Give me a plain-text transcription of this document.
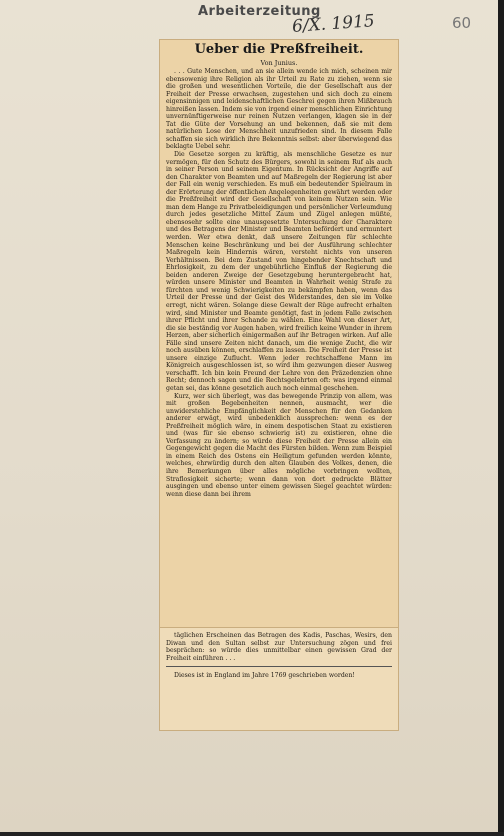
Arbeiterzeitung
6/X. 1915	60
Ueber die Preßfreiheit.
Von Junius.

. . . Gute Menschen, und an sie allein wende ich mich, scheinen mir ebensowenig ihre Religion als ihr Urteil zu Rate zu ziehen, wenn sie die großen und wesentlichen Vorteile, die der Gesellschaft aus der Freiheit der Presse erwachsen, zugestehen und sich doch zu einem eigensinnigen und leidenschaftlichen Geschrei gegen ihren Mißbrauch hinreißen lassen. Indem sie von irgend einer menschlichen Einrichtung unvernünftigerweise nur reinen Nutzen verlangen, klagen sie in der Tat die Güte der Vorsehung an und bekennen, daß sie mit dem natürlichen Lose der Menschheit unzufrieden sind. In diesem Falle schaffen sie sich wirklich ihre Bekenntnis selbst: aber überwiegend das beklagte Uebel sehr.

Die Gesetze sorgen zu kräftig, als menschliche Gesetze es nur vermögen, für den Schutz des Bürgers, sowohl in seinem Ruf als auch in seiner Person und seinem Eigentum. In Rücksicht der Angriffe auf den Charakter von Beamten und auf Maßregeln der Regierung ist aber der Fall ein wenig verschieden. Es muß ein bedeutender Spielraum in der Erörterung der öffentlichen Angelegenheiten gewährt werden oder die Preßfreiheit wird der Gesellschaft von keinem Nutzen sein. Wie man dem Hange zu Privatbeleidigungen und persönlicher Verleumdung durch jedes gesetzliche Mittel Zaum und Zügel anlegen müßte, ebensosehr sollte eine unausgesetzte Untersuchung der Charaktere und des Betragens der Minister und Beamten befördert und ermuntert werden. Wer etwa denkt, daß unsere Zeitungen für schlechte Menschen keine Beschränkung und bei der Ausführung schlechter Maßregeln kein Hindernis wären, versteht nichts von unseren Verhältnissen. Bei dem Zustand von hingebender Knechtschaft und Ehrlosigkeit, zu dem der ungebührliche Einfluß der Regierung die beiden anderen Zweige der Gesetzgebung heruntergebracht hat, würden unsere Minister und Beamten in Wahrheit wenig Strafe zu fürchten und wenig Schwierigkeiten zu bekämpfen haben, wenn das Urteil der Presse und der Geist des Widerstandes, den sie im Volke erregt, nicht wären. Solange diese Gewalt der Rüge aufrecht erhalten wird, sind Minister und Beamte genötigt, fast in jedem Falle zwischen ihrer Pflicht und ihrer Schande zu wählen. Eine Wahl von dieser Art, die sie beständig vor Augen haben, wird freilich keine Wunder in ihrem Herzen, aber sicherlich einigermaßen auf ihr Betragen wirken. Auf alle Fälle sind unsere Zeiten nicht danach, um die wenige Zucht, die wir noch ausüben können, erschlaffen zu lassen. Die Freiheit der Presse ist unsere einzige Zuflucht. Wenn jeder rechtschaffene Mann im Königreich ausgeschlossen ist, so wird ihm gezwungen dieser Ausweg verschafft. Ich bin kein Freund der Lehre von den Präzedenzien ohne Recht; dennoch sagen und die Rechtsgelehrten oft: was irgend einmal getan sei, das könne gesetzlich auch noch einmal geschehen.

Kurz, wer sich überlegt, was das bewegende Prinzip von allem, was mit großen Begebenheiten nennen, ausmacht, wer die unwiderstehliche Empfänglichkeit der Menschen für den Gedanken anderer erwägt, wird unbedenklich aussprechen: wenn es der Preßfreiheit möglich wäre, in einem despotischen Staat zu existieren und (was für sie ebenso schwierig ist) zu existieren, ohne die Verfassung zu ändern; so würde diese Freiheit der Presse allein ein Gegengewicht gegen die Macht des Fürsten bilden. Wenn zum Beispiel in einem Reich des Ostens ein Heiligtum gefunden werden könnte, welches, ehrwürdig durch den alten Glauben des Volkes, denen, die ihre Bemerkungen über alles mögliche vorbringen wollten, Straflosigkeit sicherte; wenn dann von dort gedruckte Blätter ausgingen und ebenso unter einem gewissen Siegel geachtet würden: wenn diese dann bei ihrem

täglichen Erscheinen das Betragen des Kadis, Paschas, Wesirs, den Diwan und den Sultan selbst zur Untersuchung zögen und frei besprächen: so würde dies unmittelbar einen gewissen Grad der Freiheit einführen . . .

Dieses ist in England im Jahre 1769 geschrieben worden!
